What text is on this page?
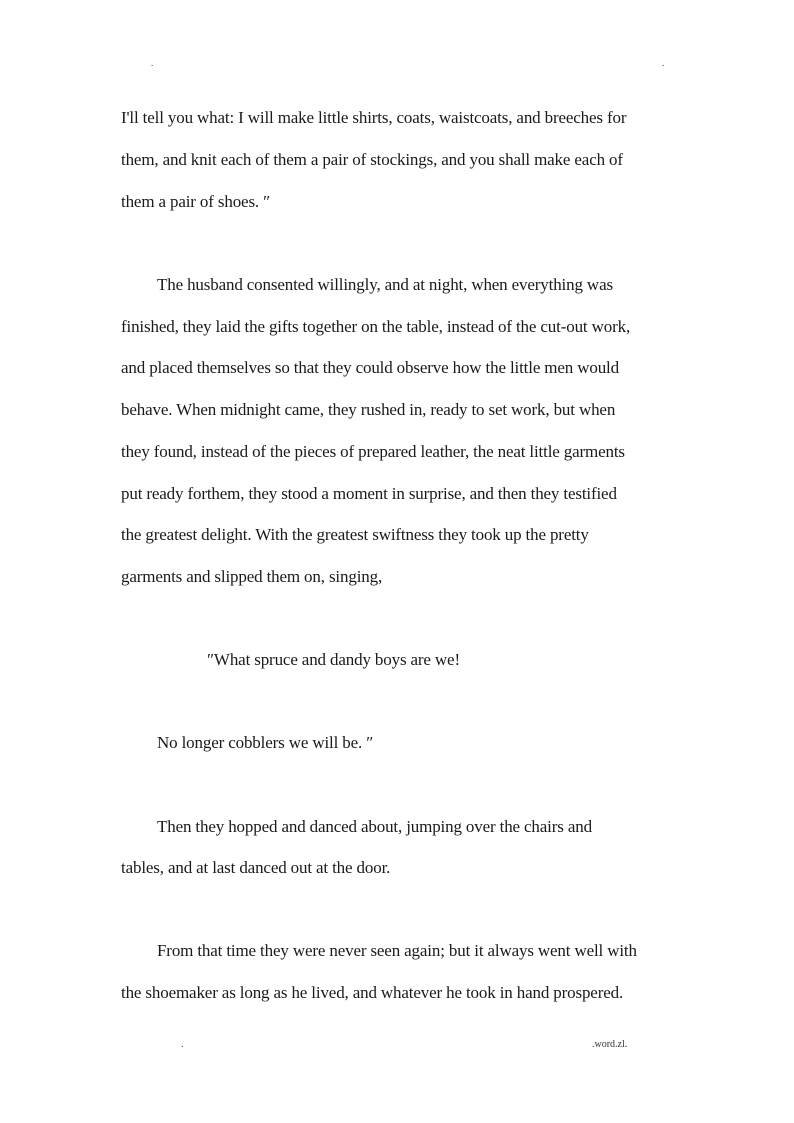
.	.
I'll tell you what: I will make little shirts, coats, waistcoats, and breeches for
them, and knit each of them a pair of stockings, and you shall make each of
them a pair of shoes. ″
The husband consented willingly, and at night, when everything was
finished, they laid the gifts together on the table, instead of the cut-out work,
and placed themselves so that they could observe how the little men would
behave. When midnight came, they rushed in, ready to set work, but when
they found, instead of the pieces of prepared leather, the neat little garments
put ready forthem, they stood a moment in surprise, and then they testified
the greatest delight. With the greatest swiftness they took up the pretty
garments and slipped them on, singing,
″What spruce and dandy boys are we!
No longer cobblers we will be. ″
Then they hopped and danced about, jumping over the chairs and
tables, and at last danced out at the door.
From that time they were never seen again; but it always went well with
the shoemaker as long as he lived, and whatever he took in hand prospered.
.	.word.zl.
